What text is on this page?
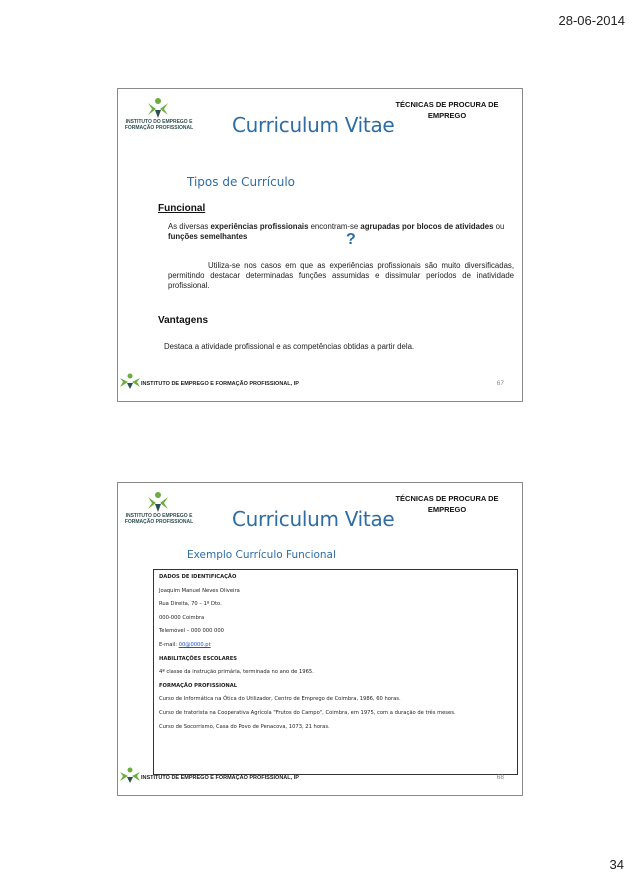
28-06-2014
INSTITUTO DO EMPREGO E FORMAÇÃO PROFISSIONAL
TÉCNICAS DE PROCURA DE EMPREGO
Curriculum Vitae
Tipos de Currículo
Funcional
As diversas experiências profissionais encontram-se agrupadas por blocos de atividades ou funções semelhantes	?
Utiliza-se nos casos em que as experiências profissionais são muito diversificadas, permitindo destacar determinadas funções assumidas e dissimular períodos de inatividade profissional.
Vantagens
Destaca a atividade profissional e as competências obtidas a partir dela.
INSTITUTO DE EMPREGO E FORMAÇÃO PROFISSIONAL, IP	67
INSTITUTO DO EMPREGO E FORMAÇÃO PROFISSIONAL
TÉCNICAS DE PROCURA DE EMPREGO
Curriculum Vitae
Exemplo Currículo Funcional
DADOS DE IDENTIFICAÇÃO
Joaquim Manuel Neves Oliveira
Rua Direita, 70 – 1º Dto.
000-000 Coimbra
Telemóvel – 000 000 000
E-mail: 00@0000.pt
HABILITAÇÕES ESCOLARES
4ª classe da instrução primária, terminada no ano de 1965.
FORMAÇÃO PROFISSIONAL
Curso de Informática na Ótica do Utilizador, Centro de Emprego de Coimbra, 1986, 60 horas.
Curso de tratorista na Cooperativa Agrícola "Frutos do Campo", Coimbra, em 1975, com a duração de três meses.
Curso de Socorrismo, Casa do Povo de Penacova, 1073, 21 horas.
INSTITUTO DE EMPREGO E FORMAÇÃO PROFISSIONAL, IP	68
34
